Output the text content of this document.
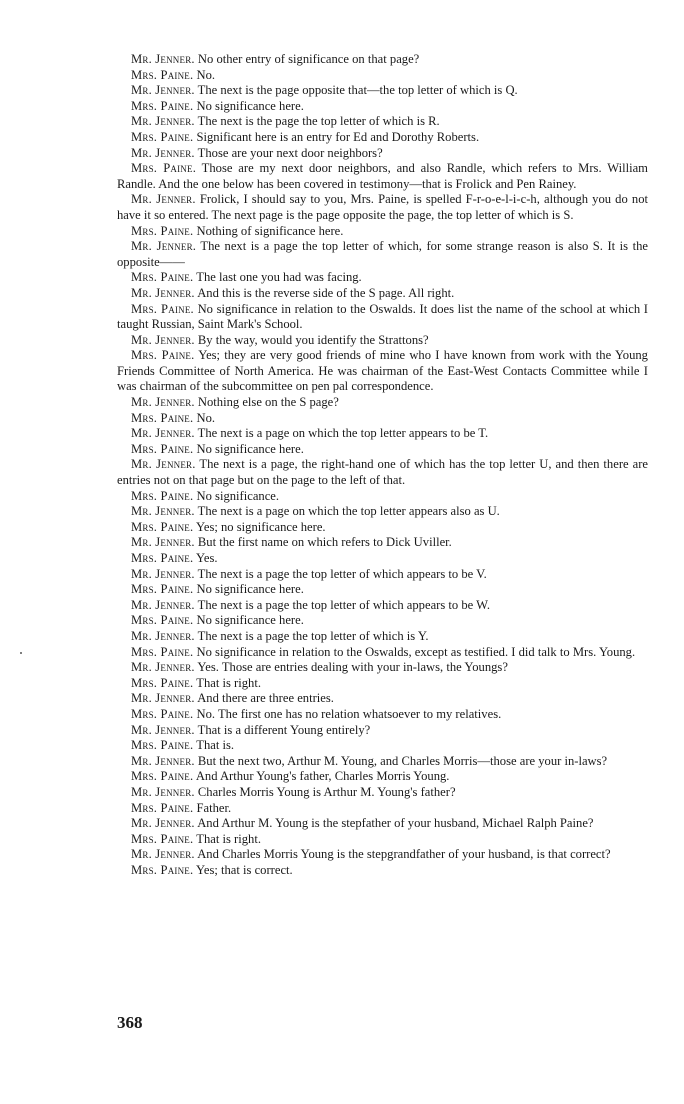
Mr. Jenner. No other entry of significance on that page?

Mrs. Paine. No.

Mr. Jenner. The next is the page opposite that—the top letter of which is Q.

Mrs. Paine. No significance here.

Mr. Jenner. The next is the page the top letter of which is R.

Mrs. Paine. Significant here is an entry for Ed and Dorothy Roberts.

Mr. Jenner. Those are your next door neighbors?

Mrs. Paine. Those are my next door neighbors, and also Randle, which refers to Mrs. William Randle. And the one below has been covered in testimony—that is Frolick and Pen Rainey.

Mr. Jenner. Frolick, I should say to you, Mrs. Paine, is spelled F-r-o-e-l-i-c-h, although you do not have it so entered. The next page is the page opposite the page, the top letter of which is S.

Mrs. Paine. Nothing of significance here.

Mr. Jenner. The next is a page the top letter of which, for some strange reason is also S. It is the opposite——

Mrs. Paine. The last one you had was facing.

Mr. Jenner. And this is the reverse side of the S page. All right.

Mrs. Paine. No significance in relation to the Oswalds. It does list the name of the school at which I taught Russian, Saint Mark's School.

Mr. Jenner. By the way, would you identify the Strattons?

Mrs. Paine. Yes; they are very good friends of mine who I have known from work with the Young Friends Committee of North America. He was chairman of the East-West Contacts Committee while I was chairman of the subcommittee on pen pal correspondence.

Mr. Jenner. Nothing else on the S page?

Mrs. Paine. No.

Mr. Jenner. The next is a page on which the top letter appears to be T.

Mrs. Paine. No significance here.

Mr. Jenner. The next is a page, the right-hand one of which has the top letter U, and then there are entries not on that page but on the page to the left of that.

Mrs. Paine. No significance.

Mr. Jenner. The next is a page on which the top letter appears also as U.

Mrs. Paine. Yes; no significance here.

Mr. Jenner. But the first name on which refers to Dick Uviller.

Mrs. Paine. Yes.

Mr. Jenner. The next is a page the top letter of which appears to be V.

Mrs. Paine. No significance here.

Mr. Jenner. The next is a page the top letter of which appears to be W.

Mrs. Paine. No significance here.

Mr. Jenner. The next is a page the top letter of which is Y.

Mrs. Paine. No significance in relation to the Oswalds, except as testified. I did talk to Mrs. Young.

Mr. Jenner. Yes. Those are entries dealing with your in-laws, the Youngs?

Mrs. Paine. That is right.

Mr. Jenner. And there are three entries.

Mrs. Paine. No. The first one has no relation whatsoever to my relatives.

Mr. Jenner. That is a different Young entirely?

Mrs. Paine. That is.

Mr. Jenner. But the next two, Arthur M. Young, and Charles Morris—those are your in-laws?

Mrs. Paine. And Arthur Young's father, Charles Morris Young.

Mr. Jenner. Charles Morris Young is Arthur M. Young's father?

Mrs. Paine. Father.

Mr. Jenner. And Arthur M. Young is the stepfather of your husband, Michael Ralph Paine?

Mrs. Paine. That is right.

Mr. Jenner. And Charles Morris Young is the stepgrandfather of your husband, is that correct?

Mrs. Paine. Yes; that is correct.

368
